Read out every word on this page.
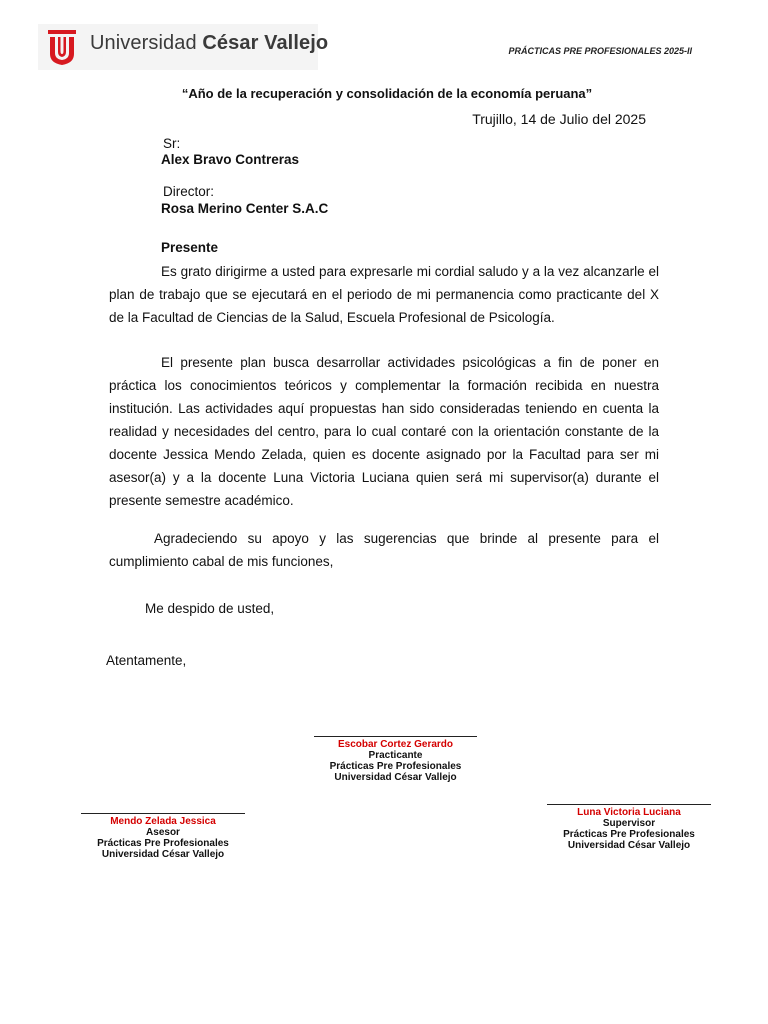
Universidad César Vallejo	PRÁCTICAS PRE PROFESIONALES 2025-II
“Año de la recuperación y consolidación de la economía peruana”
Trujillo, 14 de Julio del 2025
Sr:
Alex Bravo Contreras
Director:
Rosa Merino Center S.A.C
Presente

Es grato dirigirme a usted para expresarle mi cordial saludo y a la vez alcanzarle el plan de trabajo que se ejecutará en el periodo de mi permanencia como practicante del X de la Facultad de Ciencias de la Salud, Escuela Profesional de Psicología.

El presente plan busca desarrollar actividades psicológicas a fin de poner en práctica los conocimientos teóricos y complementar la formación recibida en nuestra institución. Las actividades aquí propuestas han sido consideradas teniendo en cuenta la realidad y necesidades del centro, para lo cual contaré con la orientación constante de la docente Jessica Mendo Zelada, quien es docente asignado por la Facultad para ser mi asesor(a) y a la docente Luna Victoria Luciana quien será mi supervisor(a) durante el presente semestre académico.

Agradeciendo su apoyo y las sugerencias que brinde al presente para el cumplimiento cabal de mis funciones,

Me despido de usted,
Atentamente,
Escobar Cortez Gerardo
Practicante
Prácticas Pre Profesionales
Universidad César Vallejo
Mendo Zelada Jessica
Asesor
Prácticas Pre Profesionales
Universidad César Vallejo
Luna Victoria Luciana
Supervisor
Prácticas Pre Profesionales
Universidad César Vallejo
